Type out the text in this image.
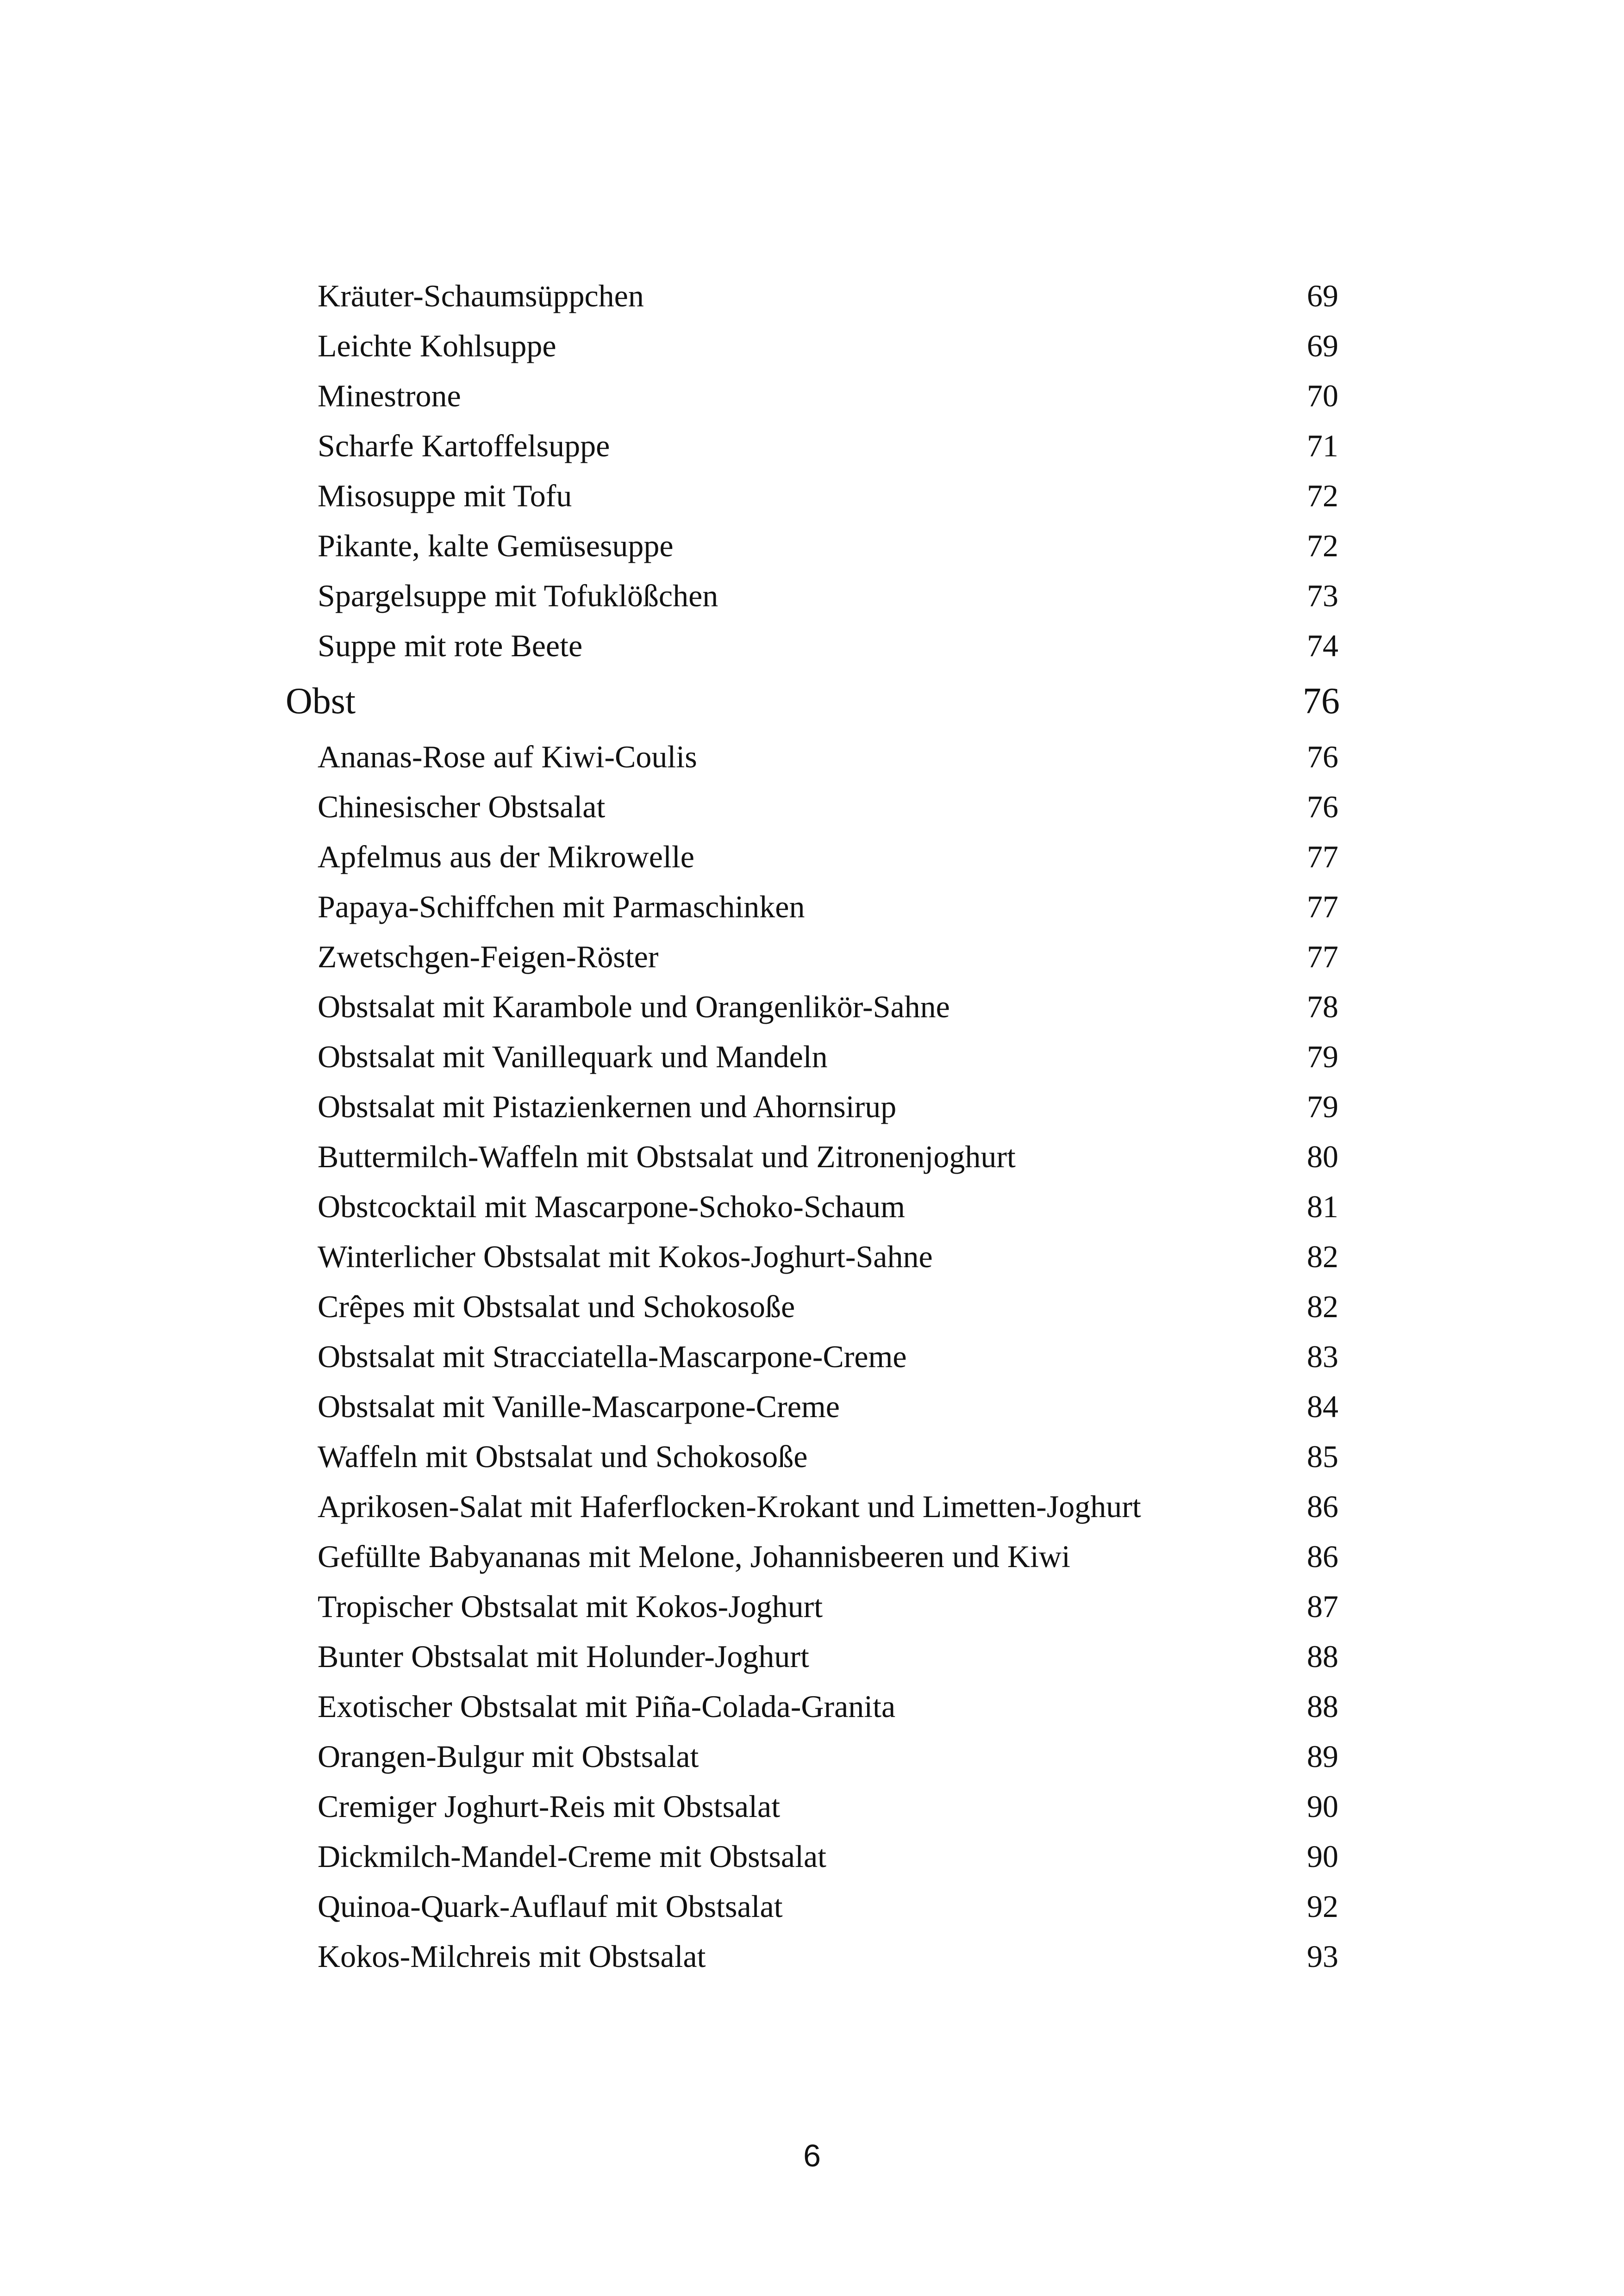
Kräuter-Schaumsüppchen	69
Leichte Kohlsuppe	69
Minestrone	70
Scharfe Kartoffelsuppe	71
Misosuppe mit Tofu	72
Pikante, kalte Gemüsesuppe	72
Spargelsuppe mit Tofuklößchen	73
Suppe mit rote Beete	74
Obst	76
Ananas-Rose auf Kiwi-Coulis	76
Chinesischer Obstsalat	76
Apfelmus aus der Mikrowelle	77
Papaya-Schiffchen mit Parmaschinken	77
Zwetschgen-Feigen-Röster	77
Obstsalat mit Karambole und Orangenlikör-Sahne	78
Obstsalat mit Vanillequark und Mandeln	79
Obstsalat mit Pistazienkernen und Ahornsirup	79
Buttermilch-Waffeln mit Obstsalat und Zitronenjoghurt	80
Obstcocktail mit Mascarpone-Schoko-Schaum	81
Winterlicher Obstsalat mit Kokos-Joghurt-Sahne	82
Crêpes mit Obstsalat und Schokosoße	82
Obstsalat mit Stracciatella-Mascarpone-Creme	83
Obstsalat mit Vanille-Mascarpone-Creme	84
Waffeln mit Obstsalat und Schokosoße	85
Aprikosen-Salat mit Haferflocken-Krokant und Limetten-Joghurt	86
Gefüllte Babyananas mit Melone, Johannisbeeren und Kiwi	86
Tropischer Obstsalat mit Kokos-Joghurt	87
Bunter Obstsalat mit Holunder-Joghurt	88
Exotischer Obstsalat mit Piña-Colada-Granita	88
Orangen-Bulgur mit Obstsalat	89
Cremiger Joghurt-Reis mit Obstsalat	90
Dickmilch-Mandel-Creme mit Obstsalat	90
Quinoa-Quark-Auflauf mit Obstsalat	92
Kokos-Milchreis mit Obstsalat	93
6
